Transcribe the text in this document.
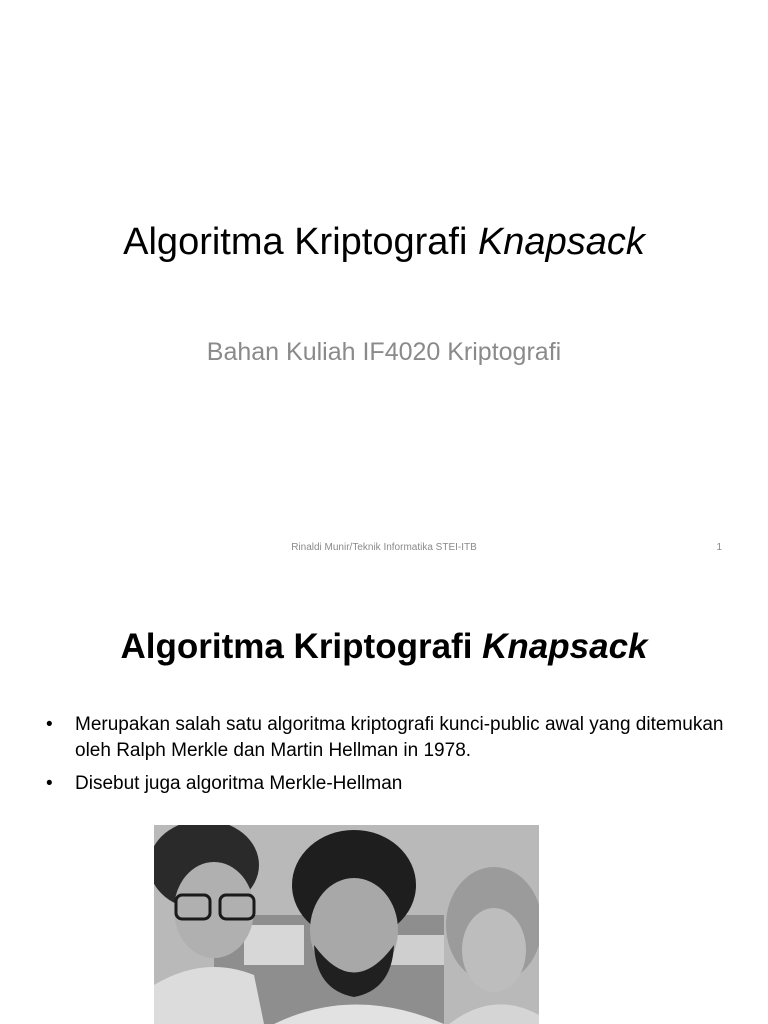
Algoritma Kriptografi Knapsack
Bahan Kuliah IF4020 Kriptografi
Rinaldi Munir/Teknik Informatika STEI-ITB	1
Algoritma Kriptografi Knapsack
• Merupakan salah satu algoritma kriptografi kunci-public awal yang ditemukan oleh Ralph Merkle dan Martin Hellman in 1978.
• Disebut juga algoritma Merkle-Hellman
